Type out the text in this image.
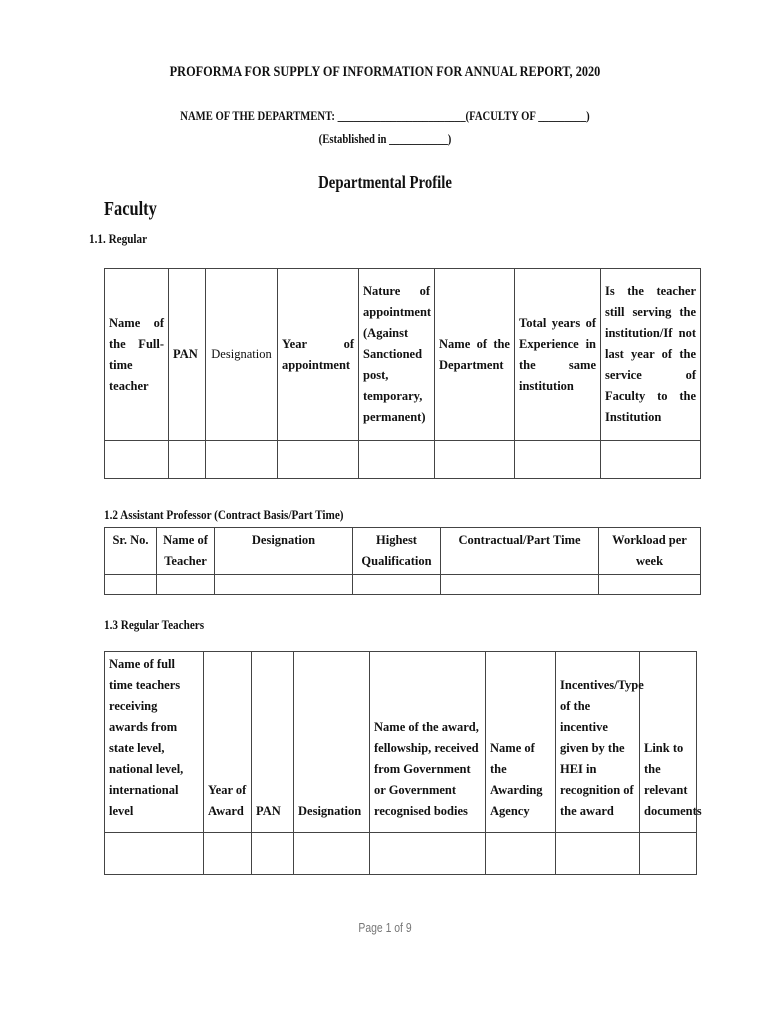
PROFORMA FOR SUPPLY OF INFORMATION FOR ANNUAL REPORT, 2020
NAME OF THE DEPARTMENT: ________________________(FACULTY OF _________)
(Established in ___________)
Departmental Profile
Faculty
1.1. Regular
Name of the Full-time teacher	PAN	Designation	Year of appointment	Nature of appointment (Against Sanctioned post, temporary, permanent)	Name of the Department	Total years of Experience in the same institution	Is the teacher still serving the institution/If not last year of the service of Faculty to the Institution

1.2 Assistant Professor (Contract Basis/Part Time)
Sr. No.	Name of Teacher	Designation	Highest Qualification	Contractual/Part Time	Workload per week

1.3 Regular Teachers
Name of full time teachers receiving awards from state level, national level, international level	Year of Award	PAN	Designation	Name of the award, fellowship, received from Government or Government recognised bodies	Name of the Awarding Agency	Incentives/Type of the incentive given by the HEI in recognition of the award	Link to the relevant documents

Page 1 of 9
